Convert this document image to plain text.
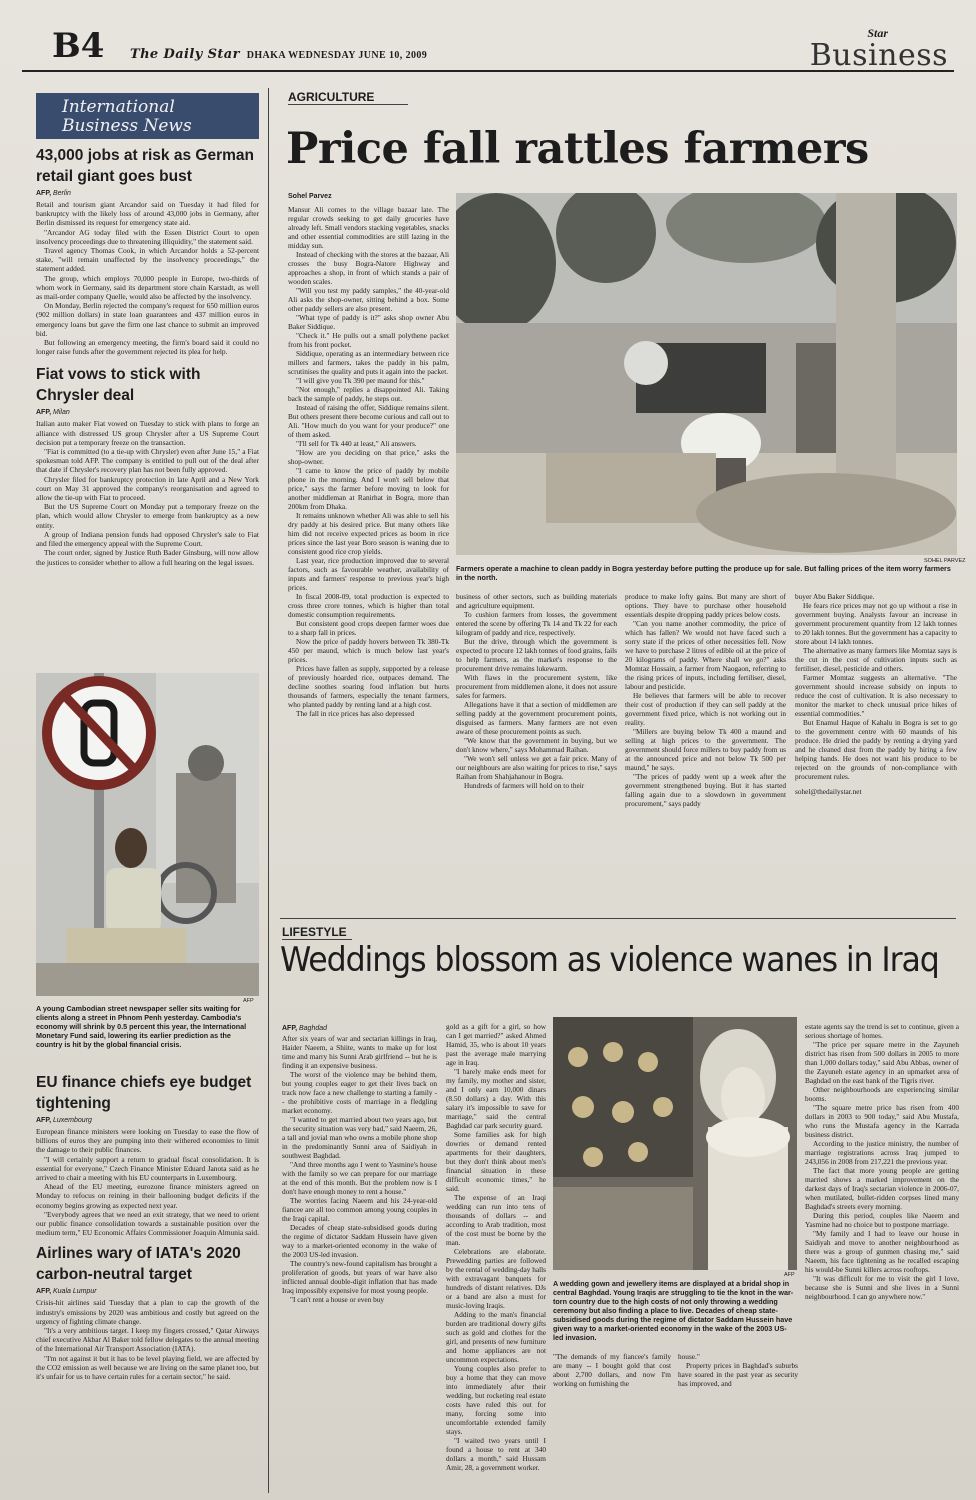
B4 The Daily Star DHAKA WEDNESDAY JUNE 10, 2009
Star
Business
International Business News
43,000 jobs at risk as German retail giant goes bust
AFP, Berlin

Retail and tourism giant Arcandor said on Tuesday it had filed for bankruptcy with the likely loss of around 43,000 jobs in Germany, after Berlin dismissed its request for emergency state aid.

"Arcandor AG today filed with the Essen District Court to open insolvency proceedings due to threatening illiquidity," the statement said.

Travel agency Thomas Cook, in which Arcandor holds a 52-percent stake, "will remain unaffected by the insolvency proceedings," the statement added.

The group, which employs 70,000 people in Europe, two-thirds of whom work in Germany, said its department store chain Karstadt, as well as mail-order company Quelle, would also be affected by the insolvency.

On Monday, Berlin rejected the company's request for 650 million euros (902 million dollars) in state loan guarantees and 437 million euros in emergency loans but gave the firm one last chance to submit an improved bid.

But following an emergency meeting, the firm's board said it could no longer raise funds after the government rejected its plea for help.

Fiat vows to stick with Chrysler deal
AFP, Milan

Italian auto maker Fiat vowed on Tuesday to stick with plans to forge an alliance with distressed US group Chrysler after a US Supreme Court decision put a temporary freeze on the transaction.

"Fiat is committed (to a tie-up with Chrysler) even after June 15," a Fiat spokesman told AFP. The company is entitled to pull out of the deal after that date if Chrysler's recovery plan has not been fully approved.

Chrysler filed for bankruptcy protection in late April and a New York court on May 31 approved the company's reorganisation and agreed to allow the tie-up with Fiat to proceed.

But the US Supreme Court on Monday put a temporary freeze on the plan, which would allow Chrysler to emerge from bankruptcy as a new entity.

A group of Indiana pension funds had opposed Chrysler's sale to Fiat and filed the emergency appeal with the Supreme Court.

The court order, signed by Justice Ruth Bader Ginsburg, will now allow the justices to consider whether to allow a full hearing on the legal issues.

AFP
A young Cambodian street newspaper seller sits waiting for clients along a street in Phnom Penh yesterday. Cambodia's economy will shrink by 0.5 percent this year, the International Monetary Fund said, lowering its earlier prediction as the country is hit by the global financial crisis.
EU finance chiefs eye budget tightening
AFP, Luxembourg

European finance ministers were looking on Tuesday to ease the flow of billions of euros they are pumping into their withered economies to limit the damage to their public finances.

"I will certainly support a return to gradual fiscal consolidation. It is essential for everyone," Czech Finance Minister Eduard Janota said as he arrived to chair a meeting with his EU counterparts in Luxembourg.

Ahead of the EU meeting, eurozone finance ministers agreed on Monday to refocus on reining in their ballooning budget deficits if the economy begins growing as expected next year.

"Everybody agrees that we need an exit strategy, that we need to orient our public finance consolidation towards a sustainable position over the medium term," EU Economic Affairs Commissioner Joaquin Almunia said.

Airlines wary of IATA's 2020 carbon-neutral target
AFP, Kuala Lumpur

Crisis-hit airlines said Tuesday that a plan to cap the growth of the industry's emissions by 2020 was ambitious and costly but agreed on the urgency of fighting climate change.

"It's a very ambitious target. I keep my fingers crossed," Qatar Airways chief executive Akbar Al Baker told fellow delegates to the annual meeting of the International Air Transport Association (IATA).

"I'm not against it but it has to be level playing field, we are affected by the CO2 emission as well because we are living on the same planet too, but it's unfair for us to have certain rules for a certain sector," he said.

AGRICULTURE
Price fall rattles farmers
Sohel Parvez

Mansur Ali comes to the village bazaar late. The regular crowds seeking to get daily groceries have already left. Small vendors stacking vegetables, snacks and other essential commodities are still lazing in the midday sun.

Instead of checking with the stores at the bazaar, Ali crosses the busy Bogra-Natore Highway and approaches a shop, in front of which stands a pair of wooden scales.

"Will you test my paddy samples," the 40-year-old Ali asks the shop-owner, sitting behind a box. Some other paddy sellers are also present.

"What type of paddy is it?" asks shop owner Abu Baker Siddique.

"Check it." He pulls out a small polythene packet from his front pocket.

Siddique, operating as an intermediary between rice millers and farmers, takes the paddy in his palm, scrutinises the quality and puts it again into the packet.

"I will give you Tk 390 per maund for this."

"Not enough," replies a disappointed Ali. Taking back the sample of paddy, he steps out.

Instead of raising the offer, Siddique remains silent. But others present there become curious and call out to Ali. "How much do you want for your produce?" one of them asked.

"I'll sell for Tk 440 at least," Ali answers.

"How are you deciding on that price," asks the shop-owner.

"I came to know the price of paddy by mobile phone in the morning. And I won't sell below that price," says the farmer before moving to look for another middleman at Ranirhat in Bogra, more than 200km from Dhaka.

It remains unknown whether Ali was able to sell his dry paddy at his desired price. But many others like him did not receive expected prices as boom in rice prices since the last year Boro season is waning due to consistent good rice crop yields.

Last year, rice production improved due to several factors, such as favourable weather, availability of inputs and farmers' response to previous year's high prices.

In fiscal 2008-09, total production is expected to cross three crore tonnes, which is higher than total domestic consumption requirements.

But consistent good crops deepen farmer woes due to a sharp fall in prices.

Now the price of paddy hovers between Tk 380-Tk 450 per maund, which is much below last year's prices.

Prices have fallen as supply, supported by a release of previously hoarded rice, outpaces demand. The decline soothes soaring food inflation but hurts thousands of farmers, especially the tenant farmers, who planted paddy by renting land at a high cost.

The fall in rice prices has also depressed

SOHEL PARVEZ
Farmers operate a machine to clean paddy in Bogra yesterday before putting the produce up for sale. But falling prices of the item worry farmers in the north.

business of other sectors, such as building materials and agriculture equipment.

To cushion farmers from losses, the government entered the scene by offering Tk 14 and Tk 22 for each kilogram of paddy and rice, respectively.

But the drive, through which the government is expected to procure 12 lakh tonnes of food grains, fails to help farmers, as the market's response to the procurement drive remains lukewarm.

With flaws in the procurement system, like procurement from middlemen alone, it does not assure sales for farmers.

Allegations have it that a section of middlemen are selling paddy at the government procurement points, disguised as farmers. Many farmers are not even aware of these procurement points as such.

"We know that the government in buying, but we don't know where," says Mohammad Raihan.

"We won't sell unless we get a fair price. Many of our neighbours are also waiting for prices to rise," says Raihan from Shahjahanour in Bogra.

Hundreds of farmers will hold on to their

produce to make lofty gains. But many are short of options. They have to purchase other household essentials despite dropping paddy prices below costs.

"Can you name another commodity, the price of which has fallen? We would not have faced such a sorry state if the prices of other necessities fell. Now we have to purchase 2 litres of edible oil at the price of 20 kilograms of paddy. Where shall we go?" asks Momtaz Hossain, a farmer from Naogaon, referring to the rising prices of inputs, including fertiliser, diesel, labour and pesticide.

He believes that farmers will be able to recover their cost of production if they can sell paddy at the government fixed price, which is not working out in reality.

"Millers are buying below Tk 400 a maund and selling at high prices to the government. The government should force millers to buy paddy from us at the announced price and not below Tk 500 per maund," he says.

"The prices of paddy went up a week after the government strengthened buying. But it has started falling again due to a slowdown in government procurement," says paddy

buyer Abu Baker Siddique.

He fears rice prices may not go up without a rise in government buying. Analysts favour an increase in government procurement quantity from 12 lakh tonnes to 20 lakh tonnes. But the government has a capacity to store about 14 lakh tonnes.

The alternative as many farmers like Momtaz says is the cut in the cost of cultivation inputs such as fertiliser, diesel, pesticide and others.

Farmer Momtaz suggests an alternative. "The government should increase subsidy on inputs to reduce the cost of cultivation. It is also necessary to monitor the market to check unusual price hikes of essential commodities."

But Enamul Haque of Kahalu in Bogra is set to go to the government centre with 60 maunds of his produce. He dried the paddy by renting a drying yard and he cleaned dust from the paddy by hiring a few helping hands. He does not want his produce to be rejected on the grounds of non-compliance with procurement rules.

sohel@thedailystar.net

LIFESTYLE
Weddings blossom as violence wanes in Iraq
AFP, Baghdad

After six years of war and sectarian killings in Iraq, Haider Naeem, a Shiite, wants to make up for lost time and marry his Sunni Arab girlfriend -- but he is finding it an expensive business.

The worst of the violence may be behind them, but young couples eager to get their lives back on track now face a new challenge to starting a family -- the prohibitive costs of marriage in a fledgling market economy.

"I wanted to get married about two years ago, but the security situation was very bad," said Naeem, 26, a tall and jovial man who owns a mobile phone shop in the predominantly Sunni area of Saidiyah in southwest Baghdad.

"And three months ago I went to Yasmine's house with the family so we can prepare for our marriage at the end of this month. But the problem now is I don't have enough money to rent a house."

The worries facing Naeem and his 24-year-old fiancee are all too common among young couples in the Iraqi capital.

Decades of cheap state-subsidised goods during the regime of dictator Saddam Hussein have given way to a market-oriented economy in the wake of the 2003 US-led invasion.

The country's new-found capitalism has brought a proliferation of goods, but years of war have also inflicted annual double-digit inflation that has made Iraq impossibly expensive for most young people.

"I can't rent a house or even buy

gold as a gift for a girl, so how can I get married?" asked Ahmed Hamid, 35, who is about 10 years past the average male marrying age in Iraq.

"I barely make ends meet for my family, my mother and sister, and I only earn 10,000 dinars (8.50 dollars) a day. With this salary it's impossible to save for marriage," said the central Baghdad car park security guard.

Some families ask for high dowries or demand rented apartments for their daughters, but they don't think about men's financial situation in these difficult economic times," he said.

The expense of an Iraqi wedding can run into tens of thousands of dollars -- and according to Arab tradition, most of the cost must be borne by the man.

Celebrations are elaborate. Prewedding parties are followed by the rental of wedding-day halls with extravagant banquets for hundreds of distant relatives. DJs or a band are also a must for music-loving Iraqis.

Adding to the man's financial burden are traditional dowry gifts such as gold and clothes for the girl, and presents of new furniture and home appliances are not uncommon expectations.

Young couples also prefer to buy a home that they can move into immediately after their wedding, but rocketing real estate costs have ruled this out for many, forcing some into uncomfortable extended family stays.

"I waited two years until I found a house to rent at 340 dollars a month," said Hussam Amir, 28, a government worker.

AFP
A wedding gown and jewellery items are displayed at a bridal shop in central Baghdad. Young Iraqis are struggling to tie the knot in the war-torn country due to the high costs of not only throwing a wedding ceremony but also finding a place to live. Decades of cheap state-subsidised goods during the regime of dictator Saddam Hussein have given way to a market-oriented economy in the wake of the 2003 US-led invasion.

"The demands of my fiancee's family are many -- I bought gold that cost about 2,700 dollars, and now I'm working on furnishing the

house."

Property prices in Baghdad's suburbs have soared in the past year as security has improved, and

estate agents say the trend is set to continue, given a serious shortage of homes.

"The price per square metre in the Zayuneh district has risen from 500 dollars in 2005 to more than 1,000 dollars today," said Abu Abbas, owner of the Zayuneh estate agency in an upmarket area of Baghdad on the east bank of the Tigris river.

Other neighbourhoods are experiencing similar booms.

"The square metre price has risen from 400 dollars in 2003 to 900 today," said Abu Mustafa, who runs the Mustafa agency in the Karrada business district.

According to the justice ministry, the number of marriage registrations across Iraq jumped to 243,056 in 2008 from 217,221 the previous year.

The fact that more young people are getting married shows a marked improvement on the darkest days of Iraq's sectarian violence in 2006-07, when mutilated, bullet-ridden corpses lined many Baghdad's streets every morning.

During this period, couples like Naeem and Yasmine had no choice but to postpone marriage.

"My family and I had to leave our house in Saidiyah and move to another neighbourhood as there was a group of gunmen chasing me," said Naeem, his face tightening as he recalled escaping his would-be Sunni killers across rooftops.

"It was difficult for me to visit the girl I love, because she is Sunni and she lives in a Sunni neighbourhood. I can go anywhere now."
